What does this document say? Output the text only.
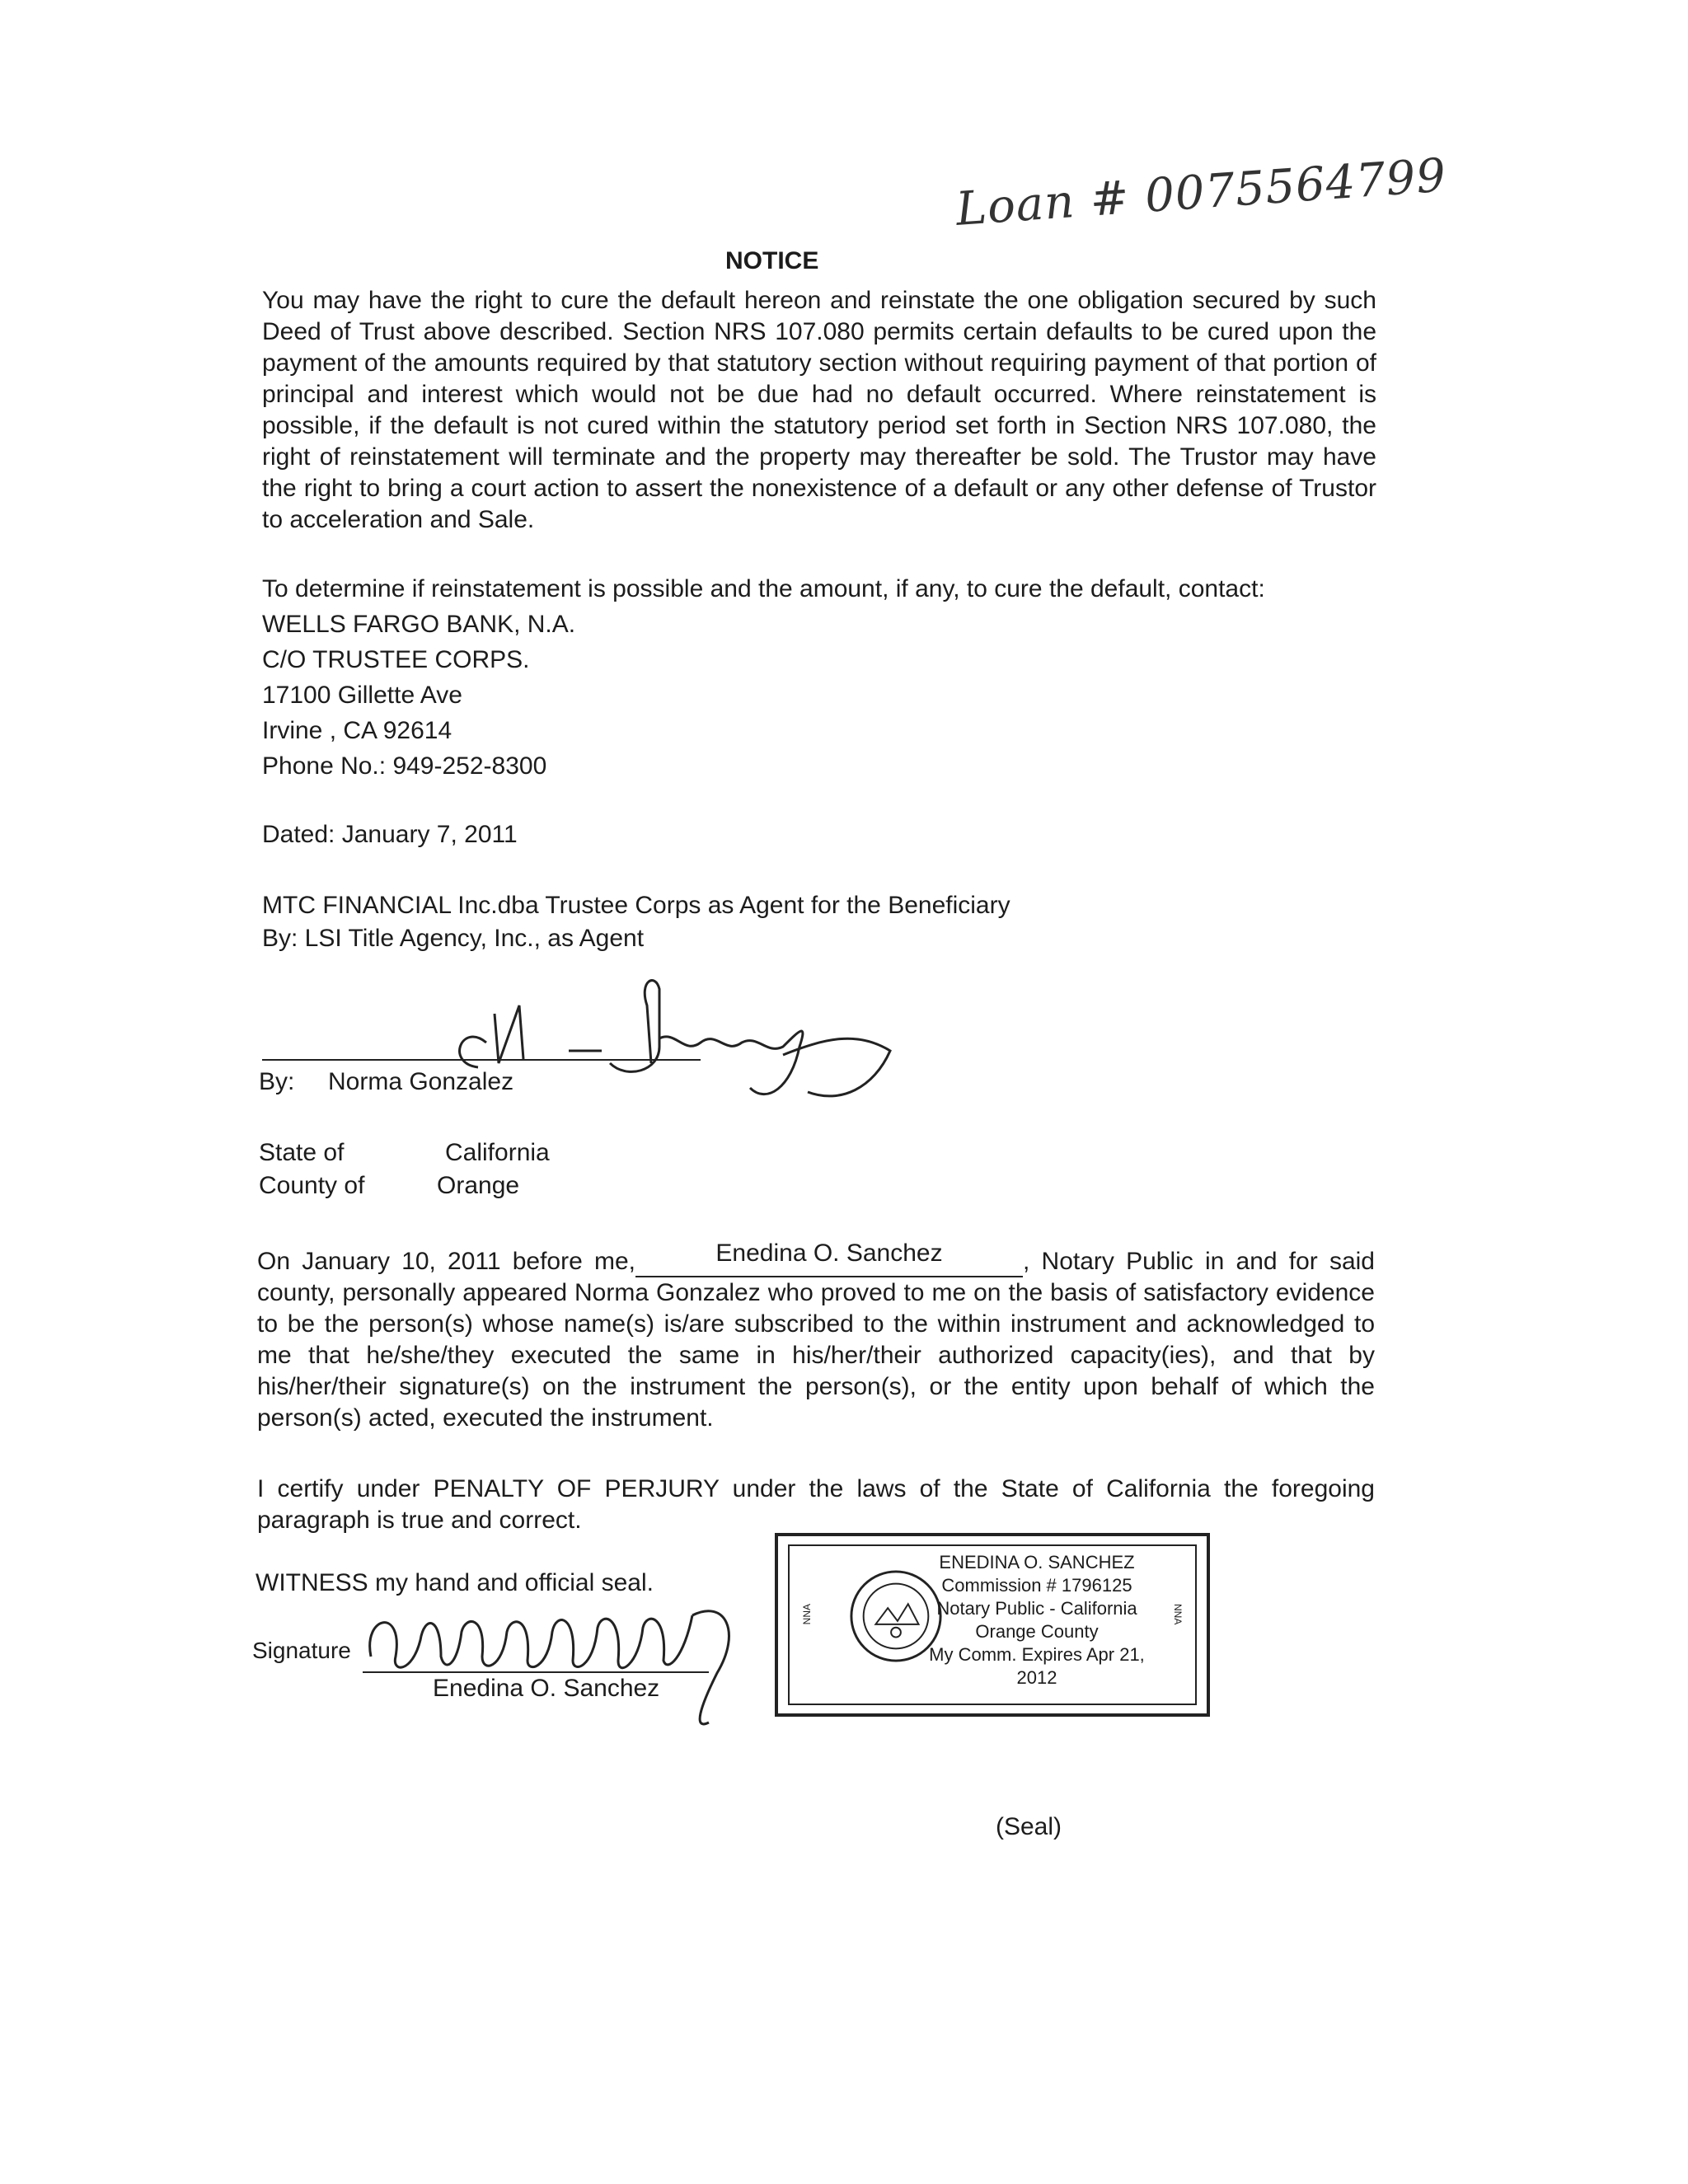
Loan # 0075564799
NOTICE
You may have the right to cure the default hereon and reinstate the one obligation secured by such Deed of Trust above described. Section NRS 107.080 permits certain defaults to be cured upon the payment of the amounts required by that statutory section without requiring payment of that portion of principal and interest which would not be due had no default occurred. Where reinstatement is possible, if the default is not cured within the statutory period set forth in Section NRS 107.080, the right of reinstatement will terminate and the property may thereafter be sold. The Trustor may have the right to bring a court action to assert the nonexistence of a default or any other defense of Trustor to acceleration and Sale.
To determine if reinstatement is possible and the amount, if any, to cure the default, contact:
WELLS FARGO BANK, N.A.
C/O TRUSTEE CORPS.
17100 Gillette Ave
Irvine , CA 92614
Phone No.: 949-252-8300
Dated: January 7, 2011
MTC FINANCIAL Inc.dba Trustee Corps as Agent for the Beneficiary
By: LSI Title Agency, Inc., as Agent
By: Norma Gonzalez
State of	California
County of	Orange
On January 10, 2011 before me,	Enedina O. Sanchez	, Notary Public in and for said county, personally appeared Norma Gonzalez who proved to me on the basis of satisfactory evidence to be the person(s) whose name(s) is/are subscribed to the within instrument and acknowledged to me that he/she/they executed the same in his/her/their authorized capacity(ies), and that by his/her/their signature(s) on the instrument the person(s), or the entity upon behalf of which the person(s) acted, executed the instrument.
I certify under PENALTY OF PERJURY under the laws of the State of California the foregoing paragraph is true and correct.
WITNESS my hand and official seal.
Signature
Enedina O. Sanchez
NNA
ENEDINA O. SANCHEZ
Commission # 1796125
Notary Public - California
Orange County
My Comm. Expires Apr 21, 2012
NNA
(Seal)
